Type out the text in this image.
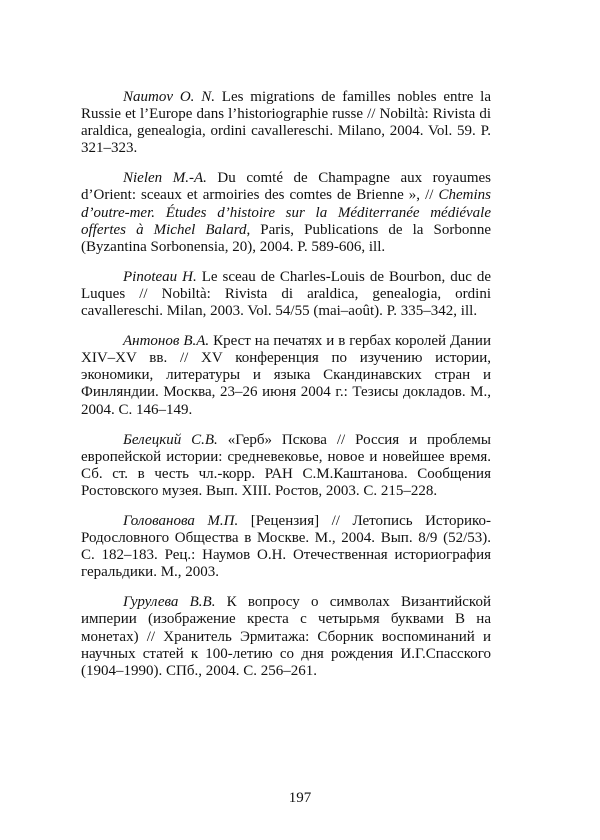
Naumov O. N. Les migrations de familles nobles entre la Russie et l’Europe dans l’historiographie russe // Nobiltà: Rivista di araldica, genealogia, ordini cavallereschi. Milano, 2004. Vol. 59. P. 321–323.

Nielen M.-A. Du comté de Champagne aux royaumes d’Orient: sceaux et armoiries des comtes de Brienne », // Chemins d’outre-mer. Études d’histoire sur la Méditerranée médiévale offertes à Michel Balard, Paris, Publications de la Sorbonne (Byzantina Sorbonensia, 20), 2004. P. 589-606, ill.

Pinoteau H. Le sceau de Charles-Louis de Bourbon, duc de Luques // Nobiltà: Rivista di araldica, genealogia, ordini cavallereschi. Milan, 2003. Vol. 54/55 (mai–août). P. 335–342, ill.

Антонов В.А. Крест на печатях и в гербах королей Дании XIV–XV вв. // XV конференция по изучению истории, экономики, литературы и языка Скандинавских стран и Финляндии. Москва, 23–26 июня 2004 г.: Тезисы докладов. М., 2004. С. 146–149.

Белецкий С.В. «Герб» Пскова // Россия и проблемы европейской истории: средневековье, новое и новейшее время. Сб. ст. в честь чл.-корр. РАН С.М.Каштанова. Сообщения Ростовского музея. Вып. XIII. Ростов, 2003. С. 215–228.

Голованова М.П. [Рецензия] // Летопись Историко-Родословного Общества в Москве. М., 2004. Вып. 8/9 (52/53). С. 182–183. Рец.: Наумов О.Н. Отечественная историография геральдики. М., 2003.

Гурулева В.В. К вопросу о символах Византийской империи (изображение креста с четырьмя буквами В на монетах) // Хранитель Эрмитажа: Сборник воспоминаний и научных статей к 100-летию со дня рождения И.Г.Спасского (1904–1990). СПб., 2004. С. 256–261.

197
